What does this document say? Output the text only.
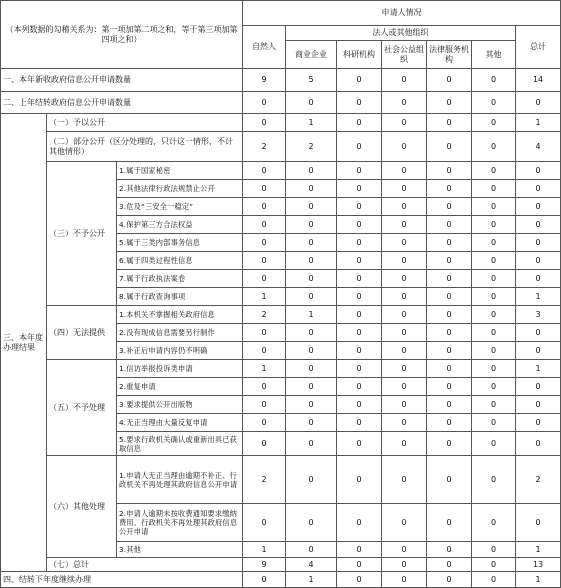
（本列数据的勾稽关系为：第一项加第二项之和，等于第三项加第四项之和）			申请人情况						
			自然人	法人或其他组织					总计
				商业企业	科研机构	社会公益组织	法律服务机构	其他	
一、本年新收政府信息公开申请数量			9	5	0	0	0	0	14
二、上年结转政府信息公开申请数量			0	0	0	0	0	0	0
三、本年度办理结果	（一）予以公开		0	1	0	0	0	0	1
	（二）部分公开（区分处理的，只计这一情形，不计其他情形）		2	2	0	0	0	0	4
	（三）不予公开	1.属于国家秘密	0	0	0	0	0	0	0
		2.其他法律行政法规禁止公开	0	0	0	0	0	0	0
		3.危及“三安全一稳定”	0	0	0	0	0	0	0
		4.保护第三方合法权益	0	0	0	0	0	0	0
		5.属于三类内部事务信息	0	0	0	0	0	0	0
		6.属于四类过程性信息	0	0	0	0	0	0	0
		7.属于行政执法案卷	0	0	0	0	0	0	0
		8.属于行政查询事项	1	0	0	0	0	0	1
	（四）无法提供	1.本机关不掌握相关政府信息	2	1	0	0	0	0	3
		2.没有现成信息需要另行制作	0	0	0	0	0	0	0
		3.补正后申请内容仍不明确	0	0	0	0	0	0	0
	（五）不予处理	1.信访举报投诉类申请	1	0	0	0	0	0	1
		2.重复申请	0	0	0	0	0	0	0
		3.要求提供公开出版物	0	0	0	0	0	0	0
		4.无正当理由大量反复申请	0	0	0	0	0	0	0
		5.要求行政机关确认或重新出具已获取信息	0	0	0	0	0	0	0
	（六）其他处理	1.申请人无正当理由逾期不补正、行政机关不再处理其政府信息公开申请	2	0	0	0	0	0	2
		2.申请人逾期未按收费通知要求缴纳费用、行政机关不再处理其政府信息公开申请	0	0	0	0	0	0	0
		3.其他	1	0	0	0	0	0	1
	（七）总计		9	4	0	0	0	0	13
四、结转下年度继续办理			0	1	0	0	0	0	1
